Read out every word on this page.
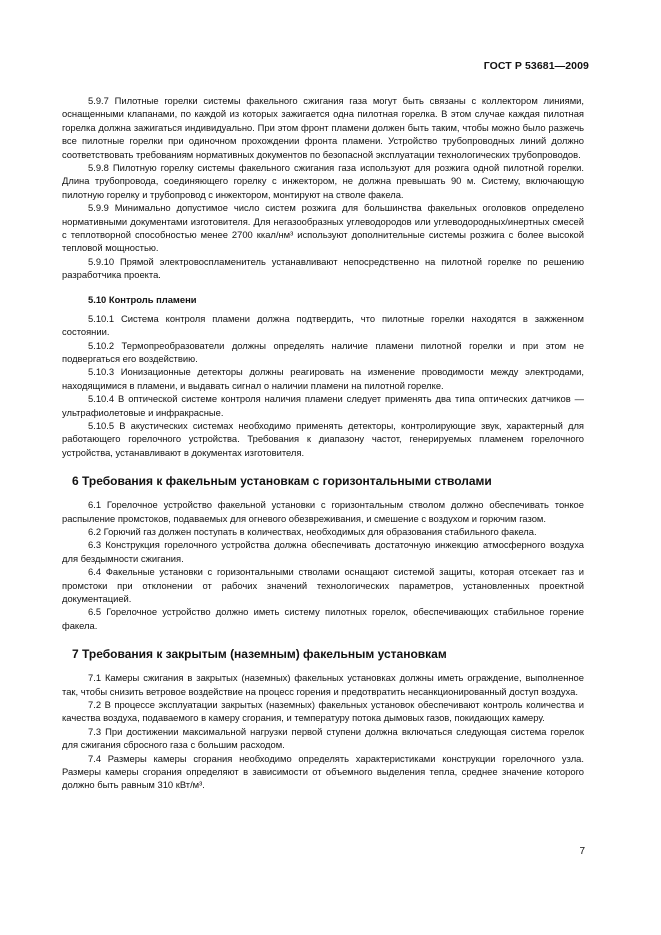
ГОСТ Р 53681—2009

5.9.7 Пилотные горелки системы факельного сжигания газа могут быть связаны с коллектором линиями, оснащенными клапанами, по каждой из которых зажигается одна пилотная горелка. В этом случае каждая пилотная горелка должна зажигаться индивидуально. При этом фронт пламени должен быть таким, чтобы можно было разжечь все пилотные горелки при одиночном прохождении фронта пламени. Устройство трубопроводных линий должно соответствовать требованиям нормативных документов по безопасной эксплуатации технологических трубопроводов.

5.9.8 Пилотную горелку системы факельного сжигания газа используют для розжига одной пилотной горелки. Длина трубопровода, соединяющего горелку с инжектором, не должна превышать 90 м. Систему, включающую пилотную горелку и трубопровод с инжектором, монтируют на стволе факела.

5.9.9 Минимально допустимое число систем розжига для большинства факельных оголовков определено нормативными документами изготовителя. Для негазообразных углеводородов или углеводородных/инертных смесей с теплотворной способностью менее 2700 ккал/нм³ используют дополнительные системы розжига с более высокой тепловой мощностью.

5.9.10 Прямой электровоспламенитель устанавливают непосредственно на пилотной горелке по решению разработчика проекта.

5.10 Контроль пламени

5.10.1 Система контроля пламени должна подтвердить, что пилотные горелки находятся в зажженном состоянии.

5.10.2 Термопреобразователи должны определять наличие пламени пилотной горелки и при этом не подвергаться его воздействию.

5.10.3 Ионизационные детекторы должны реагировать на изменение проводимости между электродами, находящимися в пламени, и выдавать сигнал о наличии пламени на пилотной горелке.

5.10.4 В оптической системе контроля наличия пламени следует применять два типа оптических датчиков — ультрафиолетовые и инфракрасные.

5.10.5 В акустических системах необходимо применять детекторы, контролирующие звук, характерный для работающего горелочного устройства. Требования к диапазону частот, генерируемых пламенем горелочного устройства, устанавливают в документах изготовителя.

6 Требования к факельным установкам с горизонтальными стволами

6.1 Горелочное устройство факельной установки с горизонтальным стволом должно обеспечивать тонкое распыление промстоков, подаваемых для огневого обезвреживания, и смешение с воздухом и горючим газом.

6.2 Горючий газ должен поступать в количествах, необходимых для образования стабильного факела.

6.3 Конструкция горелочного устройства должна обеспечивать достаточную инжекцию атмосферного воздуха для бездымности сжигания.

6.4 Факельные установки с горизонтальными стволами оснащают системой защиты, которая отсекает газ и промстоки при отклонении от рабочих значений технологических параметров, установленных проектной документацией.

6.5 Горелочное устройство должно иметь систему пилотных горелок, обеспечивающих стабильное горение факела.

7 Требования к закрытым (наземным) факельным установкам

7.1 Камеры сжигания в закрытых (наземных) факельных установках должны иметь ограждение, выполненное так, чтобы снизить ветровое воздействие на процесс горения и предотвратить несанкционированный доступ воздуха.

7.2 В процессе эксплуатации закрытых (наземных) факельных установок обеспечивают контроль количества и качества воздуха, подаваемого в камеру сгорания, и температуру потока дымовых газов, покидающих камеру.

7.3 При достижении максимальной нагрузки первой ступени должна включаться следующая система горелок для сжигания сбросного газа с большим расходом.

7.4 Размеры камеры сгорания необходимо определять характеристиками конструкции горелочного узла. Размеры камеры сгорания определяют в зависимости от объемного выделения тепла, среднее значение которого должно быть равным 310 кВт/м³.

7
